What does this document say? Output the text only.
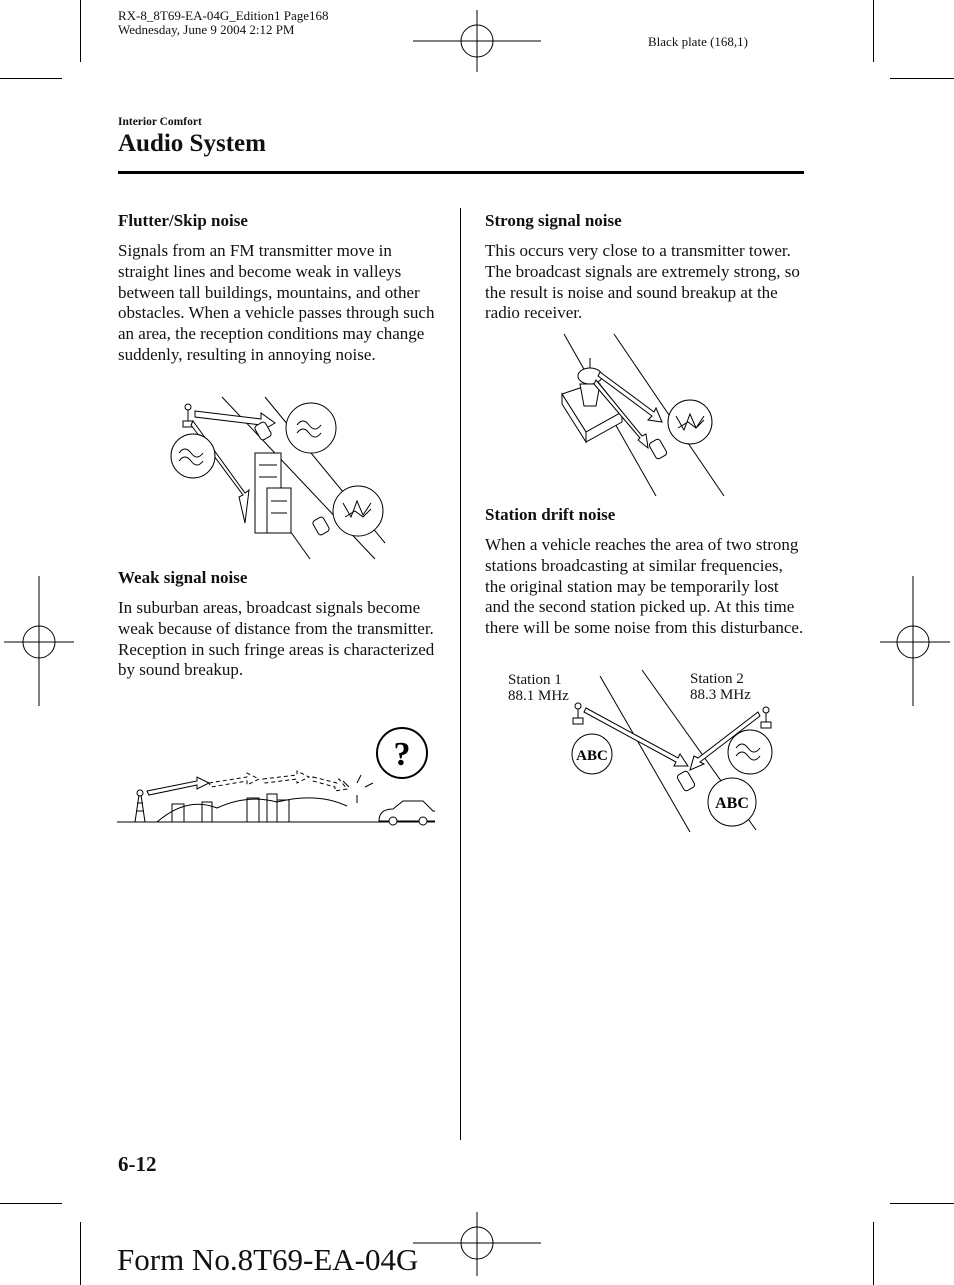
RX-8_8T69-EA-04G_Edition1 Page168
Wednesday, June 9 2004 2:12 PM
Black plate (168,1)
Interior Comfort
Audio System
Flutter/Skip noise

Signals from an FM transmitter move in straight lines and become weak in valleys between tall buildings, mountains, and other obstacles. When a vehicle passes through such an area, the reception conditions may change suddenly, resulting in annoying noise.

Weak signal noise

In suburban areas, broadcast signals become weak because of distance from the transmitter. Reception in such fringe areas is characterized by sound breakup.

?
Strong signal noise

This occurs very close to a transmitter tower. The broadcast signals are extremely strong, so the result is noise and sound breakup at the radio receiver.

Station drift noise

When a vehicle reaches the area of two strong stations broadcasting at similar frequencies, the original station may be temporarily lost and the second station picked up. At this time there will be some noise from this disturbance.

Station 1
88.1 MHz
Station 2
88.3 MHz
ABC
ABC
6-12
Form No.8T69-EA-04G
